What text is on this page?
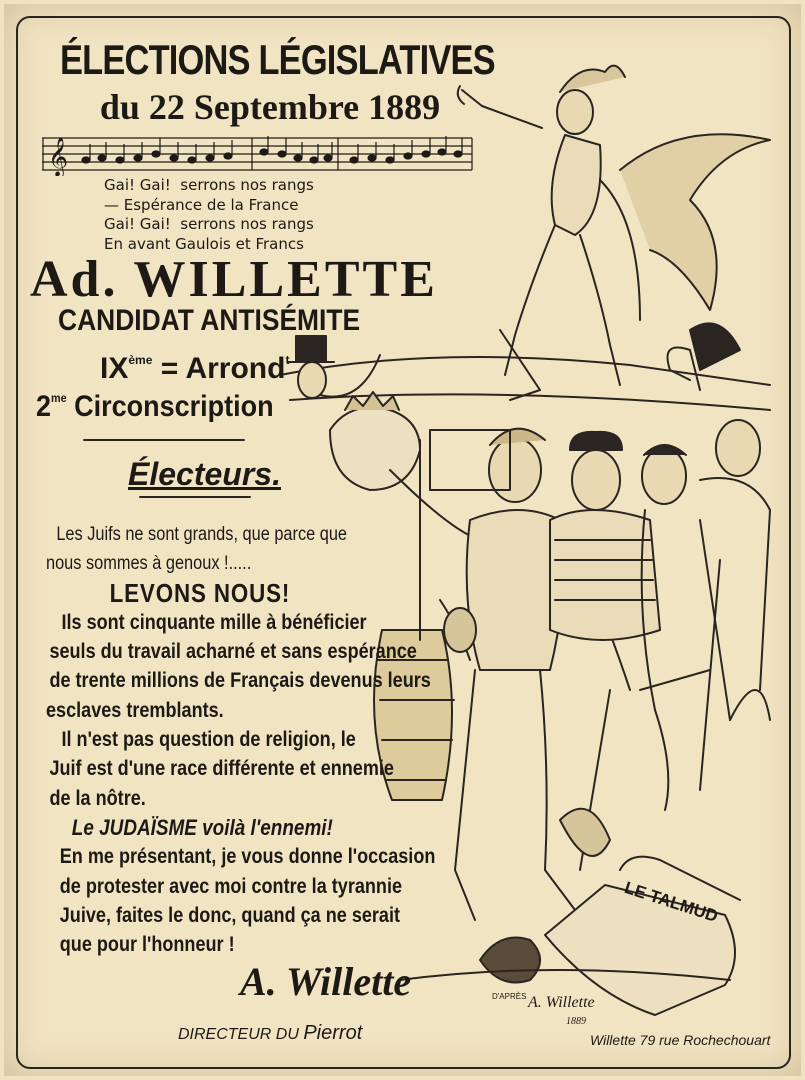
ÉLECTIONS LÉGISLATIVES
du 22 Septembre 1889
𝄞
Gai! Gai!  serrons nos rangs
— Espérance de la France
Gai! Gai!  serrons nos rangs
En avant Gaulois et Francs
Ad. WILLETTE
CANDIDAT ANTISÉMITE
IXème = Arrond$^t$
$2^{me}$ Circonscription
Électeurs.
Les Juifs ne sont grands, que parce que
nous sommes à genoux !.....
LEVONS NOUS!
Ils sont cinquante mille à bénéficier
seuls du travail acharné et sans espérance
de trente millions de Français devenus leurs
esclaves tremblants.
Il n'est pas question de religion, le
Juif est d'une race différente et ennemie
de la nôtre.
Le JUDAÏSME voilà l'ennemi!
En me présentant, je vous donne l'occasion
de protester avec moi contre la tyrannie
Juive, faites le donc, quand ça ne serait
que pour l'honneur !
A. Willette
DIRECTEUR DU Pierrot
LE TALMUD
D'APRÈS A. Willette
1889
Willette 79 rue Rochechouart
